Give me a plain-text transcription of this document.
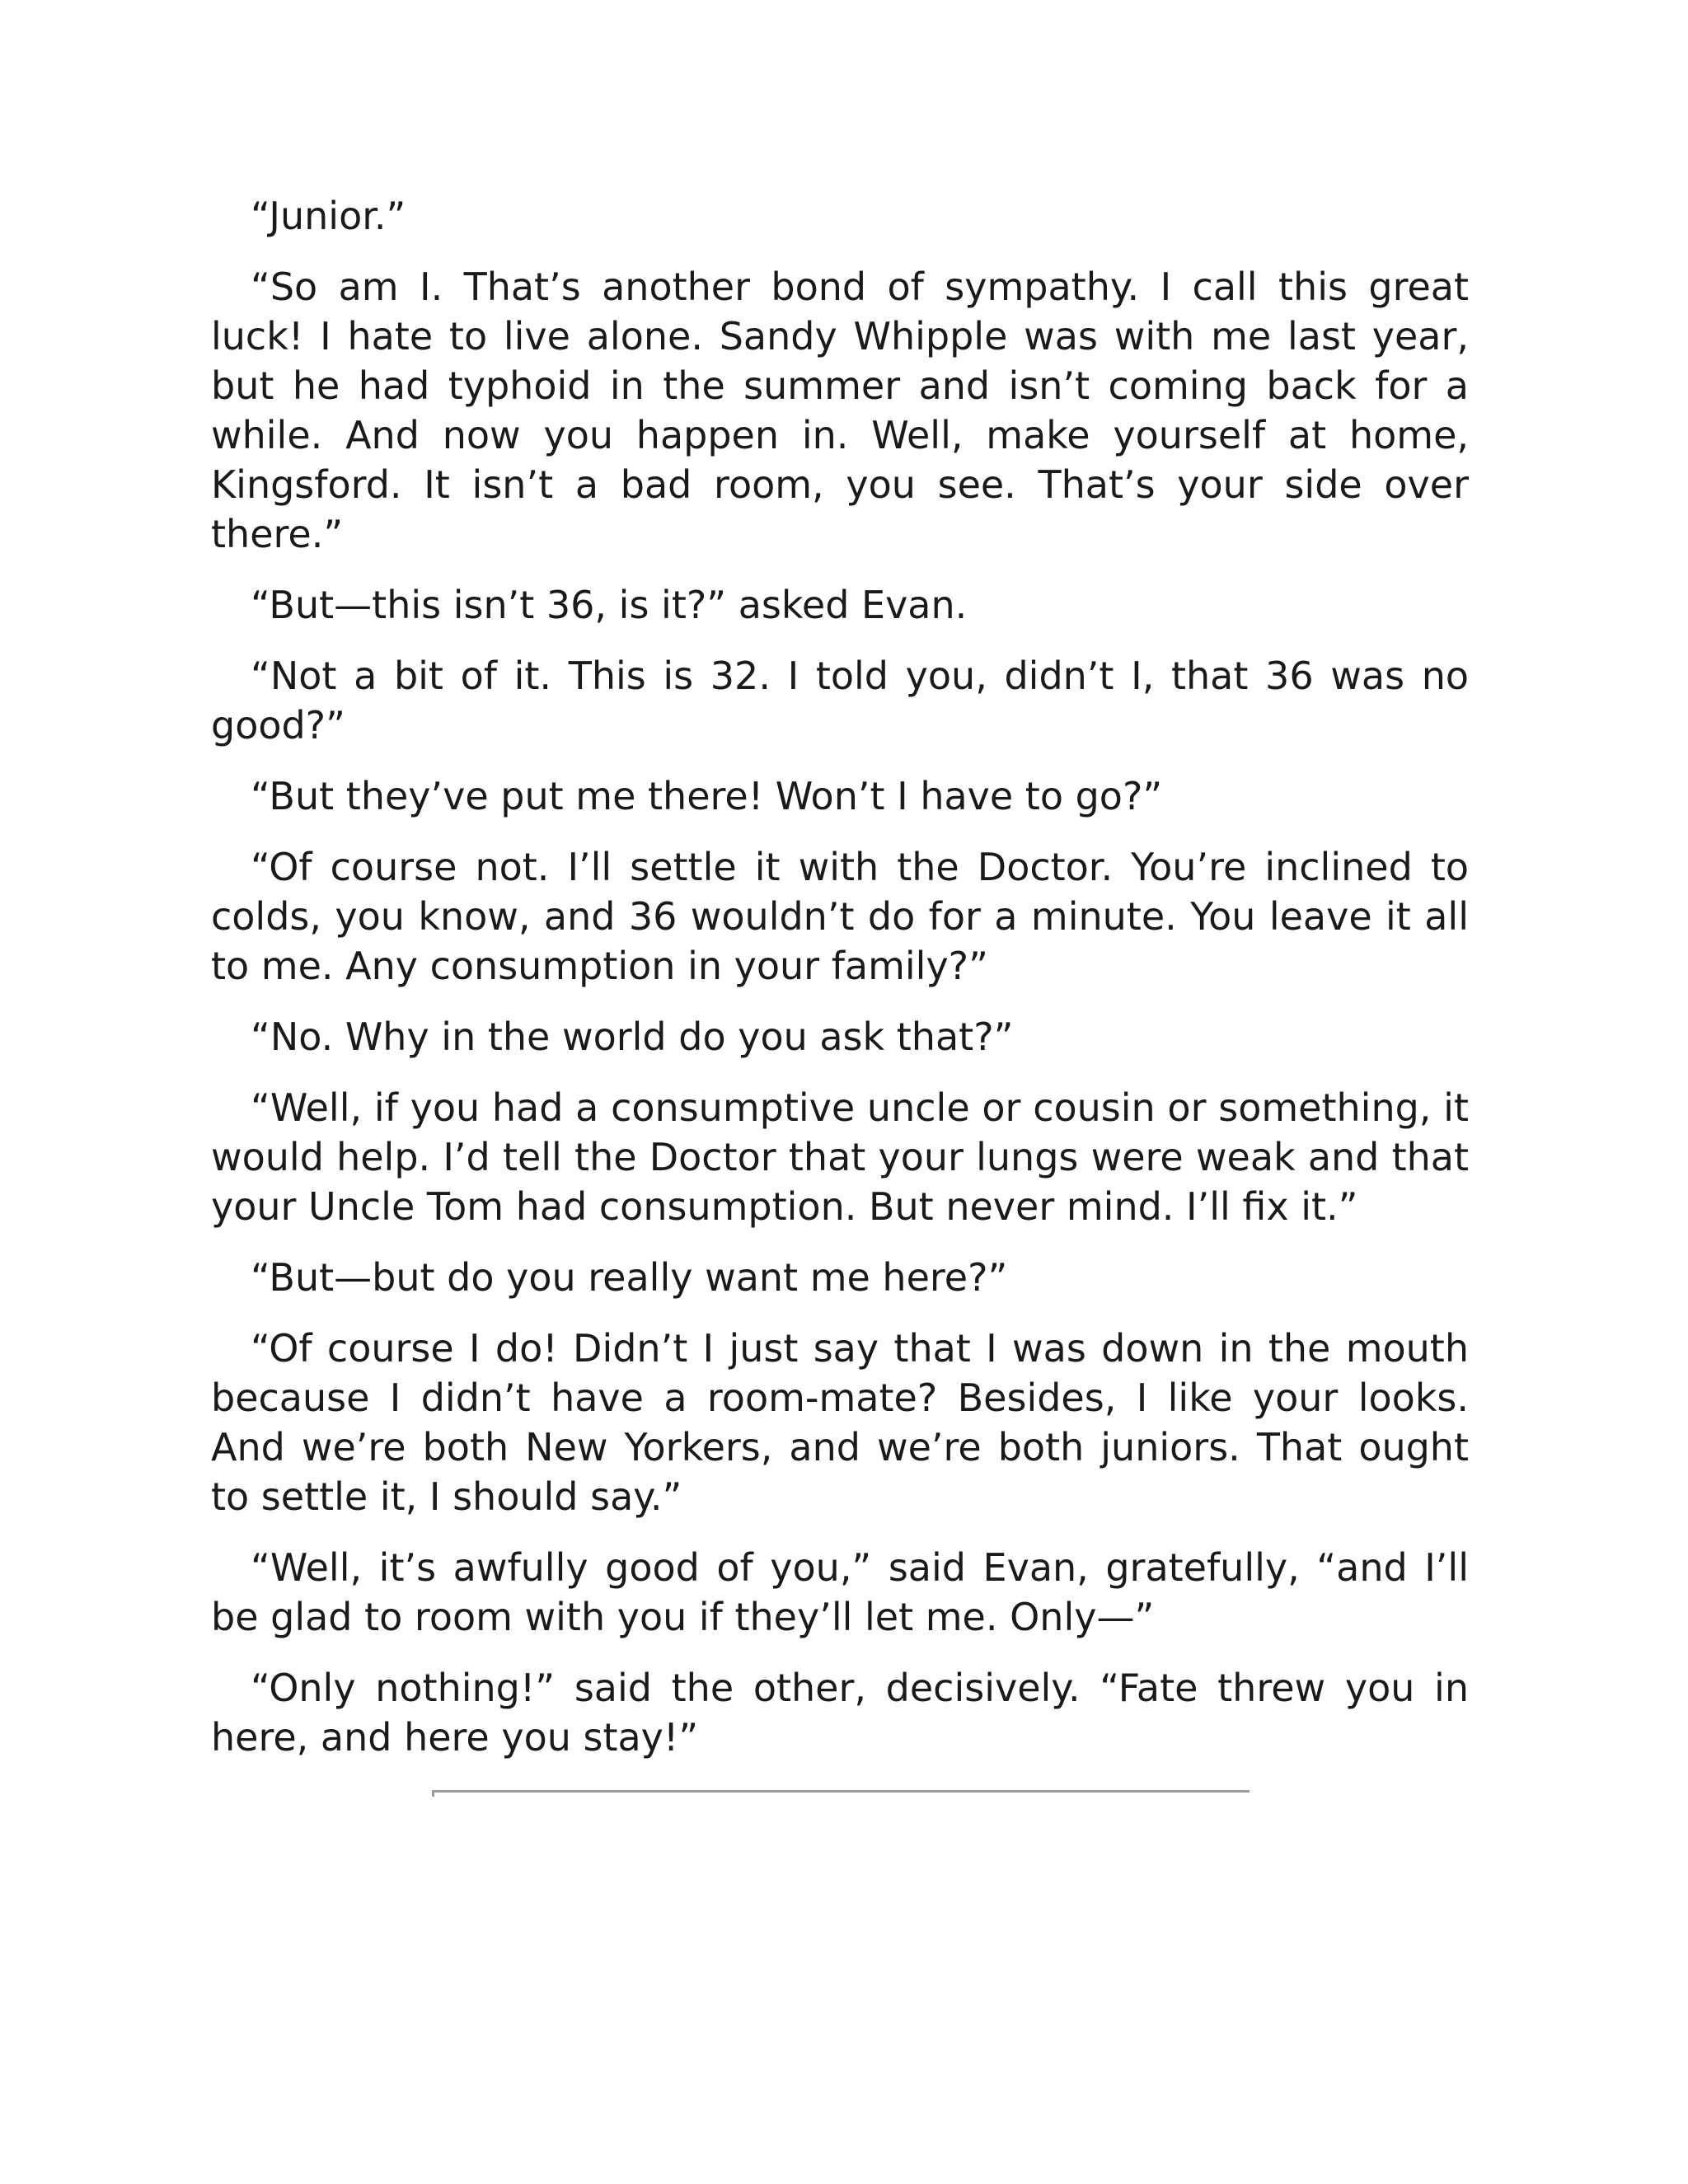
“Junior.”

“So am I. That’s another bond of sympathy. I call this great luck! I hate to live alone. Sandy Whipple was with me last year, but he had typhoid in the summer and isn’t coming back for a while. And now you happen in. Well, make yourself at home, Kingsford. It isn’t a bad room, you see. That’s your side over there.”

“But—this isn’t 36, is it?” asked Evan.

“Not a bit of it. This is 32. I told you, didn’t I, that 36 was no good?”

“But they’ve put me there! Won’t I have to go?”

“Of course not. I’ll settle it with the Doctor. You’re inclined to colds, you know, and 36 wouldn’t do for a minute. You leave it all to me. Any consumption in your family?”

“No. Why in the world do you ask that?”

“Well, if you had a consumptive uncle or cousin or something, it would help. I’d tell the Doctor that your lungs were weak and that your Uncle Tom had consumption. But never mind. I’ll fix it.”

“But—but do you really want me here?”

“Of course I do! Didn’t I just say that I was down in the mouth because I didn’t have a room-mate? Besides, I like your looks. And we’re both New Yorkers, and we’re both juniors. That ought to settle it, I should say.”

“Well, it’s awfully good of you,” said Evan, gratefully, “and I’ll be glad to room with you if they’ll let me. Only—”

“Only nothing!” said the other, decisively. “Fate threw you in here, and here you stay!”
